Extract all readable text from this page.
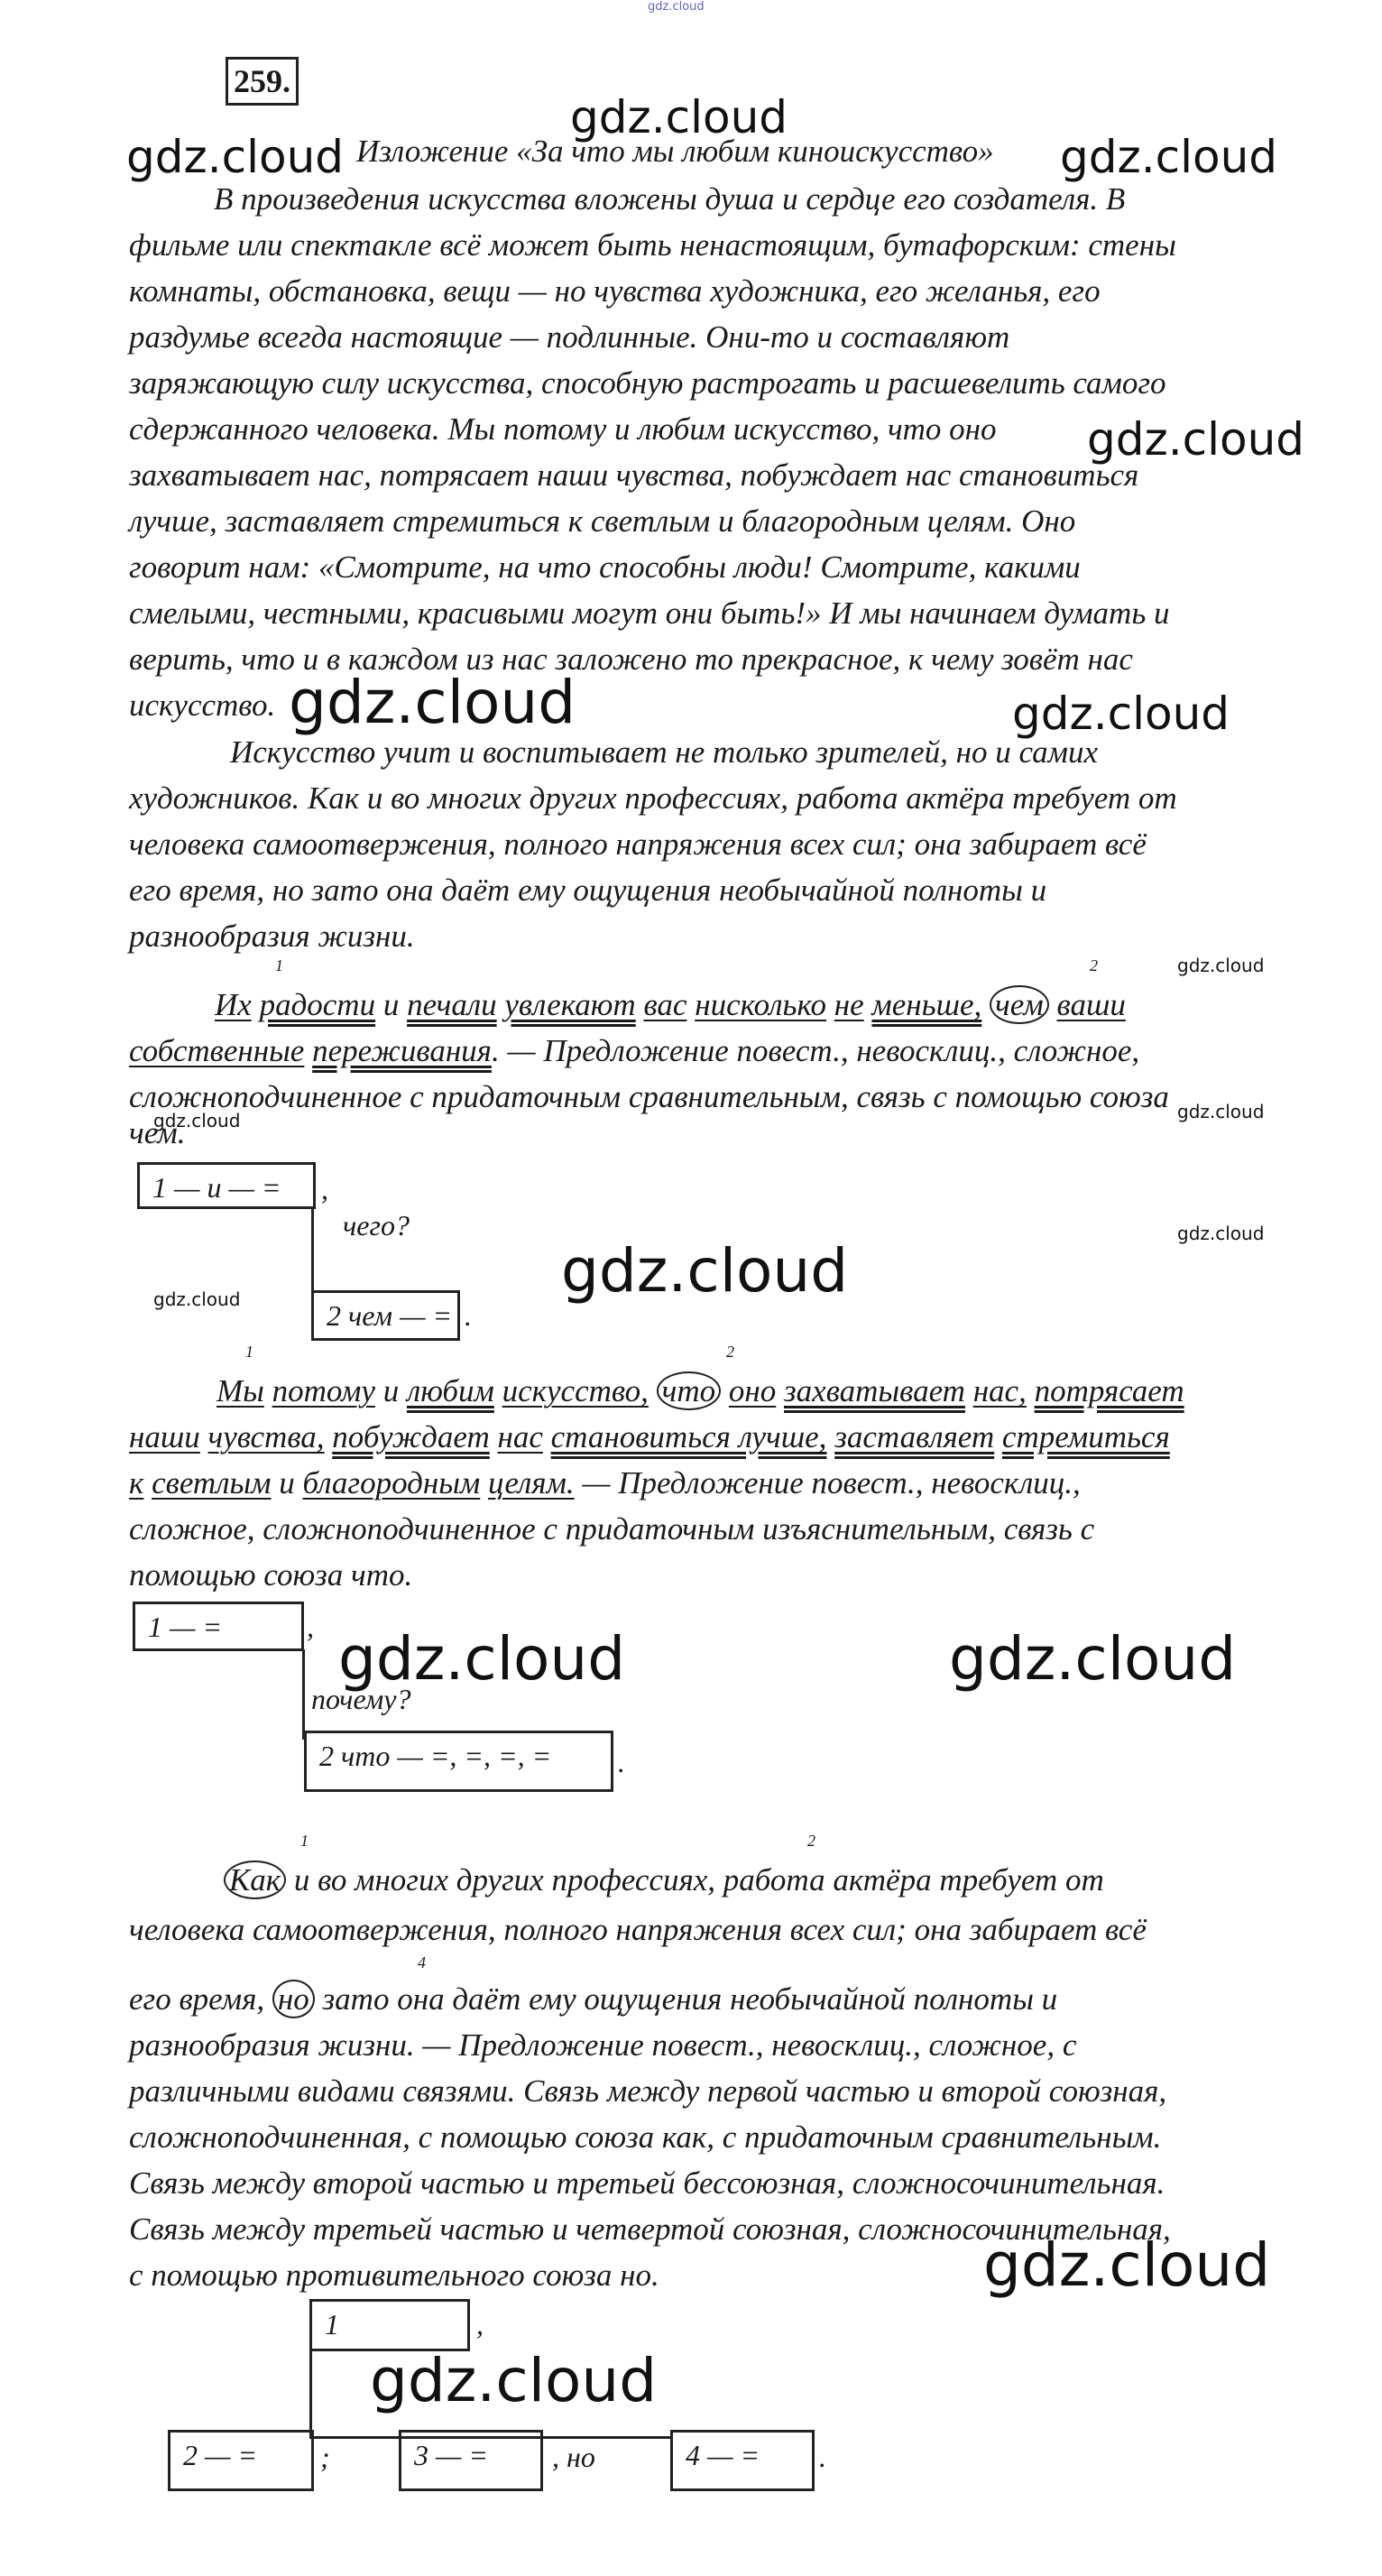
gdz.cloud
259.
Изложение «За что мы любим киноискусство»
В произведения искусства вложены душа и сердце его создателя. В
фильме или спектакле всё может быть ненастоящим, бутафорским: стены
комнаты, обстановка, вещи — но чувства художника, его желанья, его
раздумье всегда настоящие — подлинные. Они-то и составляют
заряжающую силу искусства, способную растрогать и расшевелить самого
сдержанного человека. Мы потому и любим искусство, что оно
захватывает нас, потрясает наши чувства, побуждает нас становиться
лучше, заставляет стремиться к светлым и благородным целям. Оно
говорит нам: «Смотрите, на что способны люди! Смотрите, какими
смелыми, честными, красивыми могут они быть!» И мы начинаем думать и
верить, что и в каждом из нас заложено то прекрасное, к чему зовёт нас
искусство.
Искусство учит и воспитывает не только зрителей, но и самих
художников. Как и во многих других профессиях, работа актёра требует от
человека самоотвержения, полного напряжения всех сил; она забирает всё
его время, но зато она даёт ему ощущения необычайной полноты и
разнообразия жизни.
1	2
Их радости и печали увлекают вас нисколько не меньше, чем ваши
собственные переживания. — Предложение повест., невосклиц., сложное,
сложноподчиненное с придаточным сравнительным, связь с помощью союза
чем.
1 — и — =	,
чего?
2 чем — = .
1	2
Мы потому и любим искусство, что оно захватывает нас, потрясает
наши чувства, побуждает нас становиться лучше, заставляет стремиться
к светлым и благородным целям. — Предложение повест., невосклиц.,
сложное, сложноподчиненное с придаточным изъяснительным, связь с
помощью союза что.
1 — =	,
почему?
2 что — =, =, =, =	.
1	2
Как и во многих других профессиях, работа актёра требует от
человека самоотвержения, полного напряжения всех сил; она забирает всё
4
его время, но зато она даёт ему ощущения необычайной полноты и
разнообразия жизни. — Предложение повест., невосклиц., сложное, с
различными видами связями. Связь между первой частью и второй союзная,
сложноподчиненная, с помощью союза как, с придаточным сравнительным.
Связь между второй частью и третьей бессоюзная, сложносочинительная.
Связь между третьей частью и четвертой союзная, сложносочинительная,
с помощью противительного союза но.
1	,
2 — =	;	3 — =	, но	4 — =	.
gdz.cloud
gdz.cloud	gdz.cloud
gdz.cloud
gdz.cloud	gdz.cloud
gdz.cloud
gdz.cloud
gdz.cloud
gdz.cloud
gdz.cloud
gdz.cloud
gdz.cloud	gdz.cloud
gdz.cloud
gdz.cloud
